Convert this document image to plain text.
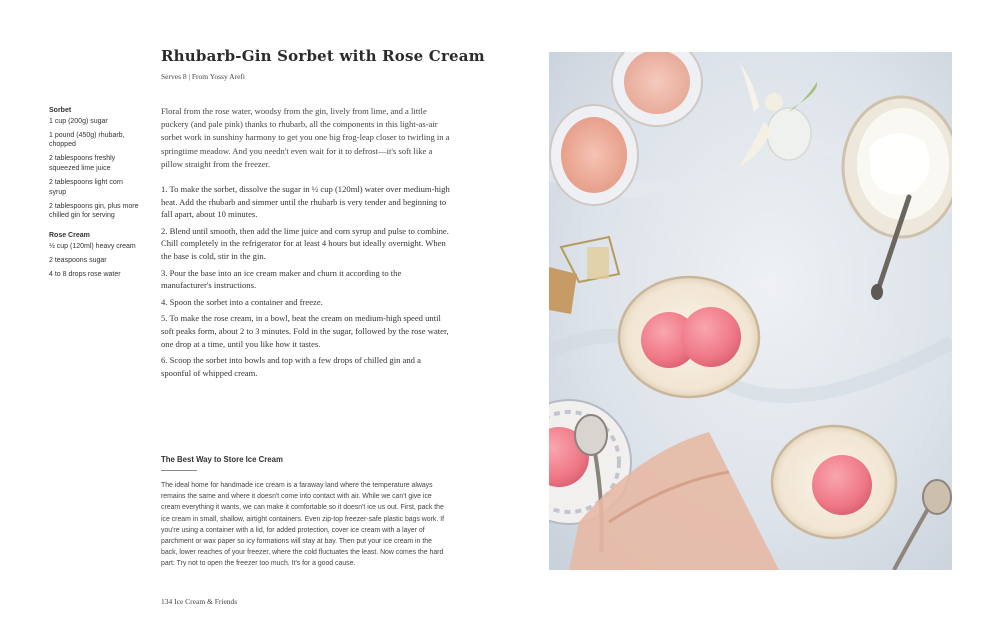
Rhubarb-Gin Sorbet with Rose Cream
Serves 8 | From Yossy Arefi
Sorbet
1 cup (200g) sugar
1 pound (450g) rhubarb, chopped
2 tablespoons freshly squeezed lime juice
2 tablespoons light corn syrup
2 tablespoons gin, plus more chilled gin for serving
Rose Cream
½ cup (120ml) heavy cream
2 teaspoons sugar
4 to 8 drops rose water

Floral from the rose water, woodsy from the gin, lively from lime, and a little puckery (and pale pink) thanks to rhubarb, all the components in this light-as-air sorbet work in sunshiny harmony to get you one big frog-leap closer to twirling in a springtime meadow. And you needn't even wait for it to defrost—it's soft like a pillow straight from the freezer.

1. To make the sorbet, dissolve the sugar in ½ cup (120ml) water over medium-high heat. Add the rhubarb and simmer until the rhubarb is very tender and beginning to fall apart, about 10 minutes.

2. Blend until smooth, then add the lime juice and corn syrup and pulse to combine. Chill completely in the refrigerator for at least 4 hours but ideally overnight. When the base is cold, stir in the gin.

3. Pour the base into an ice cream maker and churn it according to the manufacturer's instructions.

4. Spoon the sorbet into a container and freeze.

5. To make the rose cream, in a bowl, beat the cream on medium-high speed until soft peaks form, about 2 to 3 minutes. Fold in the sugar, followed by the rose water, one drop at a time, until you like how it tastes.

6. Scoop the sorbet into bowls and top with a few drops of chilled gin and a spoonful of whipped cream.

The Best Way to Store Ice Cream

The ideal home for handmade ice cream is a faraway land where the temperature always remains the same and where it doesn't come into contact with air. While we can't give ice cream everything it wants, we can make it comfortable so it doesn't ice us out. First, pack the ice cream in small, shallow, airtight containers. Even zip-top freezer-safe plastic bags work. If you're using a container with a lid, for added protection, cover ice cream with a layer of parchment or wax paper so icy formations will stay at bay. Then put your ice cream in the back, lower reaches of your freezer, where the cold fluctuates the least. Now comes the hard part: Try not to open the freezer too much. It's for a good cause.

134 Ice Cream & Friends
